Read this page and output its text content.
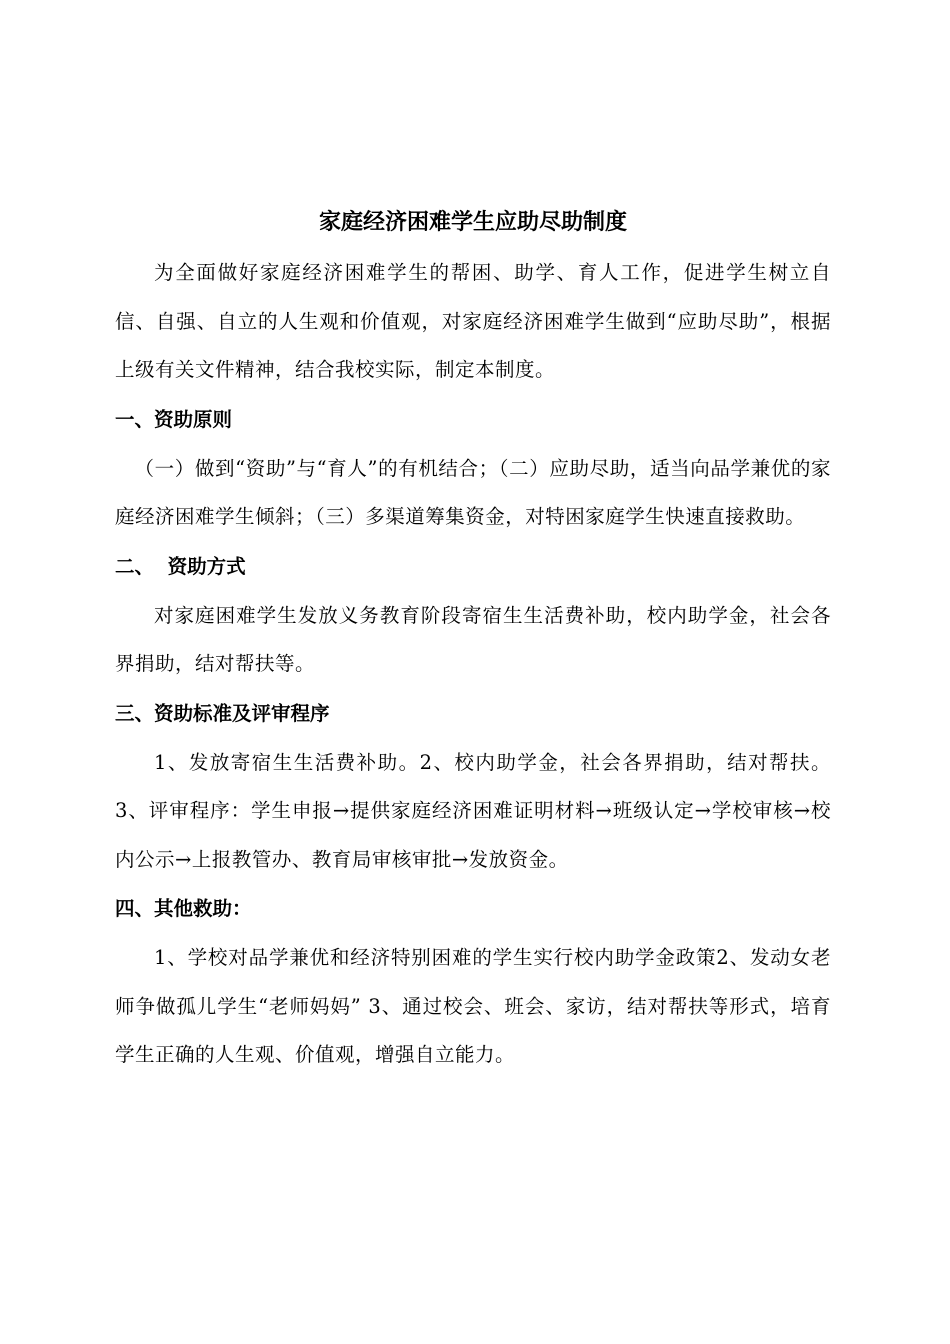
家庭经济困难学生应助尽助制度

为全面做好家庭经济困难学生的帮困、助学、育人工作，促进学生树立自信、自强、自立的人生观和价值观，对家庭经济困难学生做到“应助尽助”，根据上级有关文件精神，结合我校实际，制定本制度。

一、资助原则

（一）做到“资助”与“育人”的有机结合；（二）应助尽助，适当向品学兼优的家庭经济困难学生倾斜；（三）多渠道筹集资金，对特困家庭学生快速直接救助。

二、  资助方式

对家庭困难学生发放义务教育阶段寄宿生生活费补助，校内助学金，社会各界捐助，结对帮扶等。

三、资助标准及评审程序

1、发放寄宿生生活费补助。2、校内助学金，社会各界捐助，结对帮扶。3、评审程序：学生申报→提供家庭经济困难证明材料→班级认定→学校审核→校内公示→上报教管办、教育局审核审批→发放资金。

四、其他救助：

1、学校对品学兼优和经济特别困难的学生实行校内助学金政策2、发动女老师争做孤儿学生“老师妈妈” 3、通过校会、班会、家访，结对帮扶等形式，培育学生正确的人生观、价值观，增强自立能力。
